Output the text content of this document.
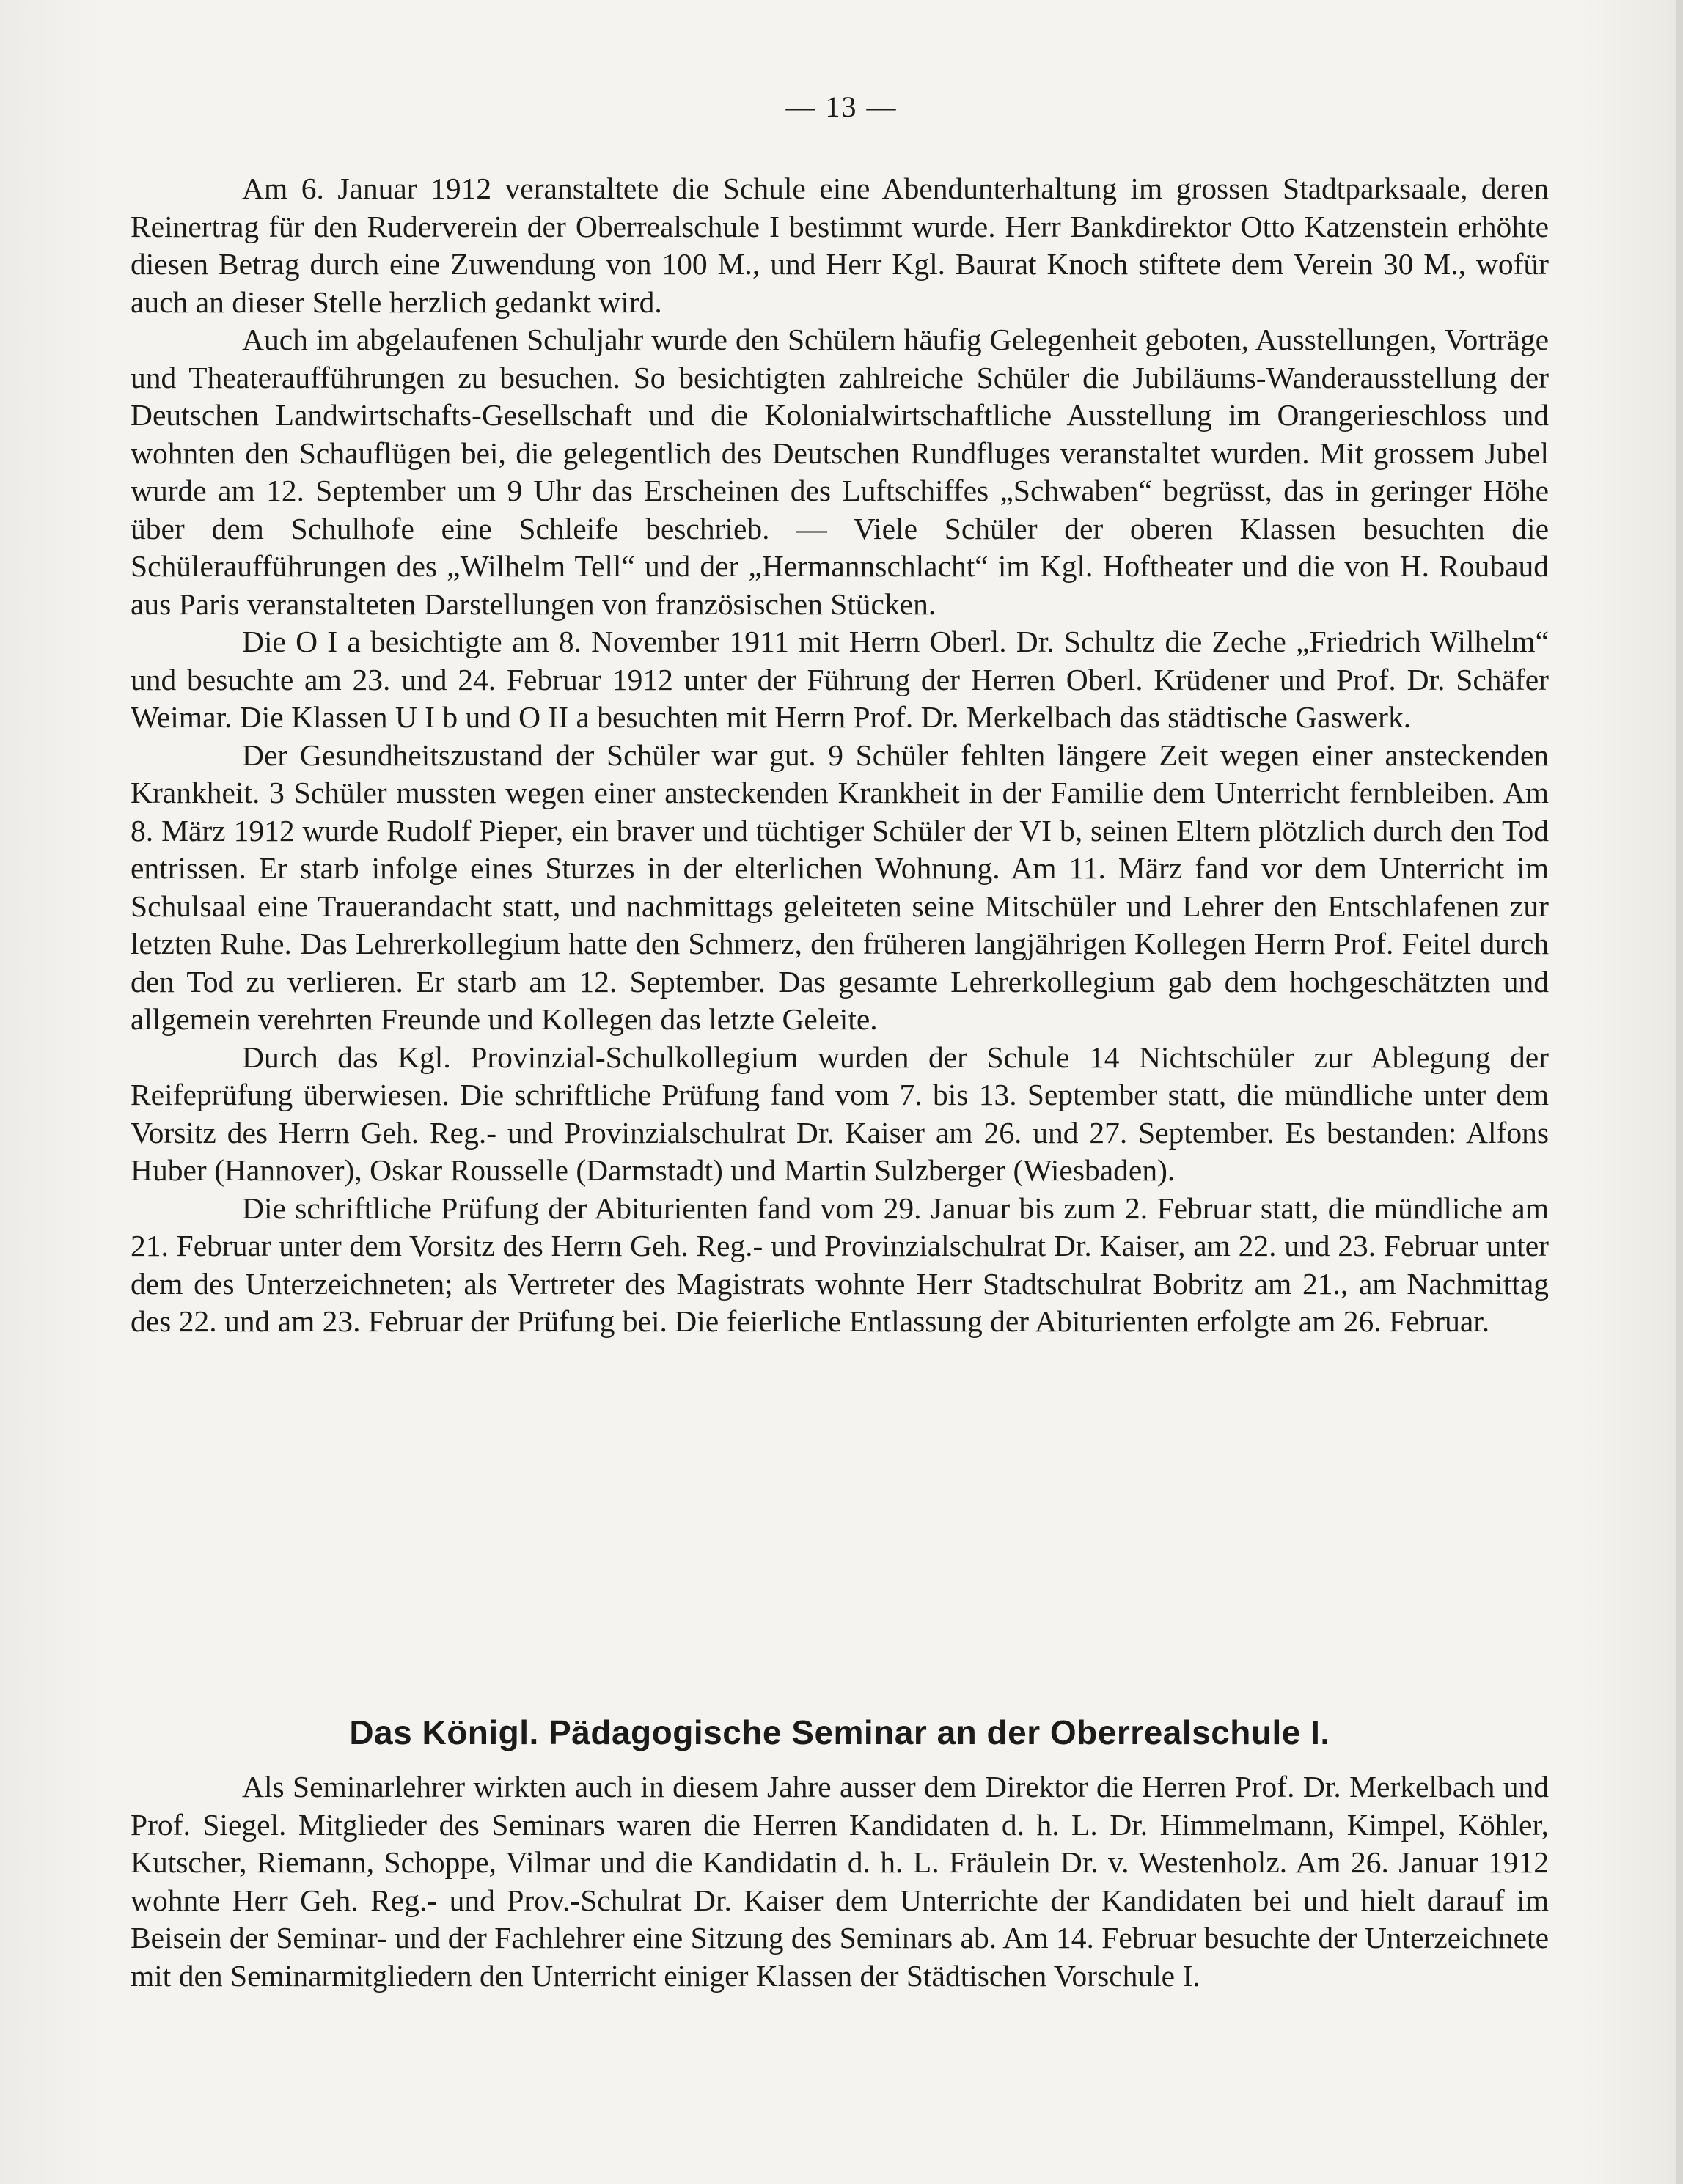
— 13 —

Am 6. Januar 1912 veranstaltete die Schule eine Abendunterhaltung im grossen Stadtparksaale, deren Reinertrag für den Ruderverein der Oberrealschule I bestimmt wurde. Herr Bankdirektor Otto Katzenstein erhöhte diesen Betrag durch eine Zuwendung von 100 M., und Herr Kgl. Baurat Knoch stiftete dem Verein 30 M., wofür auch an dieser Stelle herzlich gedankt wird.

Auch im abgelaufenen Schuljahr wurde den Schülern häufig Gelegenheit geboten, Ausstellungen, Vorträge und Theateraufführungen zu besuchen. So besichtigten zahlreiche Schüler die Jubiläums-Wanderausstellung der Deutschen Landwirtschafts-Gesellschaft und die Kolonialwirtschaftliche Ausstellung im Orangerieschloss und wohnten den Schauflügen bei, die gelegentlich des Deutschen Rundfluges veranstaltet wurden. Mit grossem Jubel wurde am 12. September um 9 Uhr das Erscheinen des Luftschiffes „Schwaben“ begrüsst, das in geringer Höhe über dem Schulhofe eine Schleife beschrieb. — Viele Schüler der oberen Klassen besuchten die Schüleraufführungen des „Wilhelm Tell“ und der „Hermannschlacht“ im Kgl. Hoftheater und die von H. Roubaud aus Paris veranstalteten Darstellungen von französischen Stücken.

Die O I a besichtigte am 8. November 1911 mit Herrn Oberl. Dr. Schultz die Zeche „Friedrich Wilhelm“ und besuchte am 23. und 24. Februar 1912 unter der Führung der Herren Oberl. Krüdener und Prof. Dr. Schäfer Weimar. Die Klassen U I b und O II a besuchten mit Herrn Prof. Dr. Merkelbach das städtische Gaswerk.

Der Gesundheitszustand der Schüler war gut. 9 Schüler fehlten längere Zeit wegen einer ansteckenden Krankheit. 3 Schüler mussten wegen einer ansteckenden Krankheit in der Familie dem Unterricht fernbleiben. Am 8. März 1912 wurde Rudolf Pieper, ein braver und tüchtiger Schüler der VI b, seinen Eltern plötzlich durch den Tod entrissen. Er starb infolge eines Sturzes in der elterlichen Wohnung. Am 11. März fand vor dem Unterricht im Schulsaal eine Trauerandacht statt, und nachmittags geleiteten seine Mitschüler und Lehrer den Entschlafenen zur letzten Ruhe. Das Lehrerkollegium hatte den Schmerz, den früheren langjährigen Kollegen Herrn Prof. Feitel durch den Tod zu verlieren. Er starb am 12. September. Das gesamte Lehrerkollegium gab dem hochgeschätzten und allgemein verehrten Freunde und Kollegen das letzte Geleite.

Durch das Kgl. Provinzial-Schulkollegium wurden der Schule 14 Nichtschüler zur Ablegung der Reifeprüfung überwiesen. Die schriftliche Prüfung fand vom 7. bis 13. September statt, die mündliche unter dem Vorsitz des Herrn Geh. Reg.- und Provinzialschulrat Dr. Kaiser am 26. und 27. September. Es bestanden: Alfons Huber (Hannover), Oskar Rousselle (Darmstadt) und Martin Sulzberger (Wiesbaden).

Die schriftliche Prüfung der Abiturienten fand vom 29. Januar bis zum 2. Februar statt, die mündliche am 21. Februar unter dem Vorsitz des Herrn Geh. Reg.- und Provinzialschulrat Dr. Kaiser, am 22. und 23. Februar unter dem des Unterzeichneten; als Vertreter des Magistrats wohnte Herr Stadtschulrat Bobritz am 21., am Nachmittag des 22. und am 23. Februar der Prüfung bei. Die feierliche Entlassung der Abiturienten erfolgte am 26. Februar.

Das Königl. Pädagogische Seminar an der Oberrealschule I.

Als Seminarlehrer wirkten auch in diesem Jahre ausser dem Direktor die Herren Prof. Dr. Merkelbach und Prof. Siegel. Mitglieder des Seminars waren die Herren Kandidaten d. h. L. Dr. Himmelmann, Kimpel, Köhler, Kutscher, Riemann, Schoppe, Vilmar und die Kandidatin d. h. L. Fräulein Dr. v. Westenholz. Am 26. Januar 1912 wohnte Herr Geh. Reg.- und Prov.-Schulrat Dr. Kaiser dem Unterrichte der Kandidaten bei und hielt darauf im Beisein der Seminar- und der Fachlehrer eine Sitzung des Seminars ab. Am 14. Februar besuchte der Unterzeichnete mit den Seminarmitgliedern den Unterricht einiger Klassen der Städtischen Vorschule I.
